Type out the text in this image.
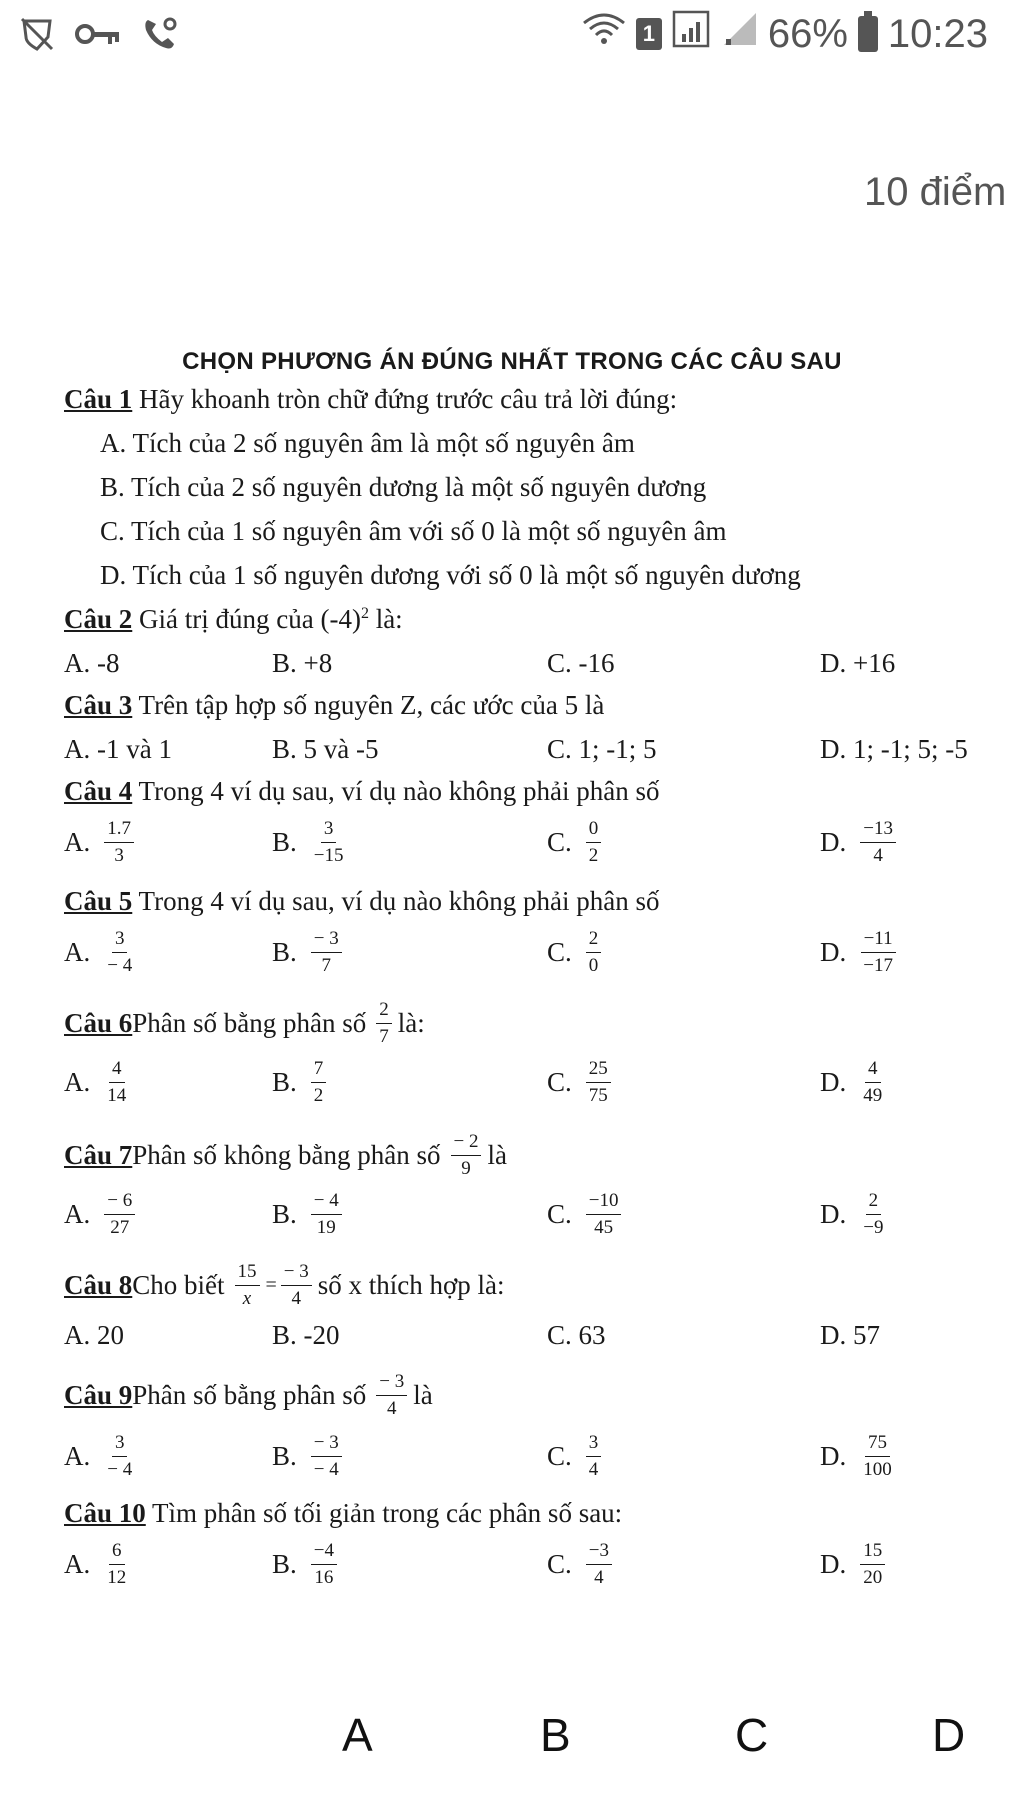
1	66% 10:23
10 điểm
CHỌN PHƯƠNG ÁN ĐÚNG NHẤT TRONG CÁC CÂU SAU
Câu 1 Hãy khoanh tròn chữ đứng trước câu trả lời đúng:
A. Tích của 2 số nguyên âm là một số nguyên âm
B. Tích của 2 số nguyên dương là một số nguyên dương
C. Tích của 1 số nguyên âm với số 0 là một số nguyên âm
D. Tích của 1 số nguyên dương với số 0 là một số nguyên dương
Câu 2 Giá trị đúng của $(-4)^2$ là:
A. -8	B. +8	C. -16	D. +16
Câu 3 Trên tập hợp số nguyên Z, các ước của 5 là
A. -1 và 1	B. 5 và -5	C. 1; -1; 5	D. 1; -1; 5; -5
Câu 4 Trong 4 ví dụ sau, ví dụ nào không phải phân số
A. $\frac{1.7}{3}$	B. $\frac{3}{-15}$	C. $\frac{0}{2}$	D. $\frac{-13}{4}$
Câu 5 Trong 4 ví dụ sau, ví dụ nào không phải phân số
A. $\frac{3}{- 4}$	B. $\frac{- 3}{7}$	C. $\frac{2}{0}$	D. $\frac{-11}{-17}$
Câu 6 Phân số bằng phân số $\frac{2}{7}$ là:
A. $\frac{4}{14}$	B. $\frac{7}{2}$	C. $\frac{25}{75}$	D. $\frac{4}{49}$
Câu 7 Phân số không bằng phân số $\frac{- 2}{9}$ là
A. $\frac{- 6}{27}$	B. $\frac{- 4}{19}$	C. $\frac{-10}{45}$	D. $\frac{2}{-9}$
Câu 8 Cho biết $\frac{15}{x} = \frac{- 3}{4}$ số x thích hợp là:
A. 20	B. -20	C. 63	D. 57
Câu 9 Phân số bằng phân số $\frac{- 3}{4}$ là
A. $\frac{3}{- 4}$	B. $\frac{- 3}{- 4}$	C. $\frac{3}{4}$	D. $\frac{75}{100}$
Câu 10 Tìm phân số tối giản trong các phân số sau:
A. $\frac{6}{12}$	B. $\frac{-4}{16}$	C. $\frac{-3}{4}$	D. $\frac{15}{20}$
A	B	C	D
